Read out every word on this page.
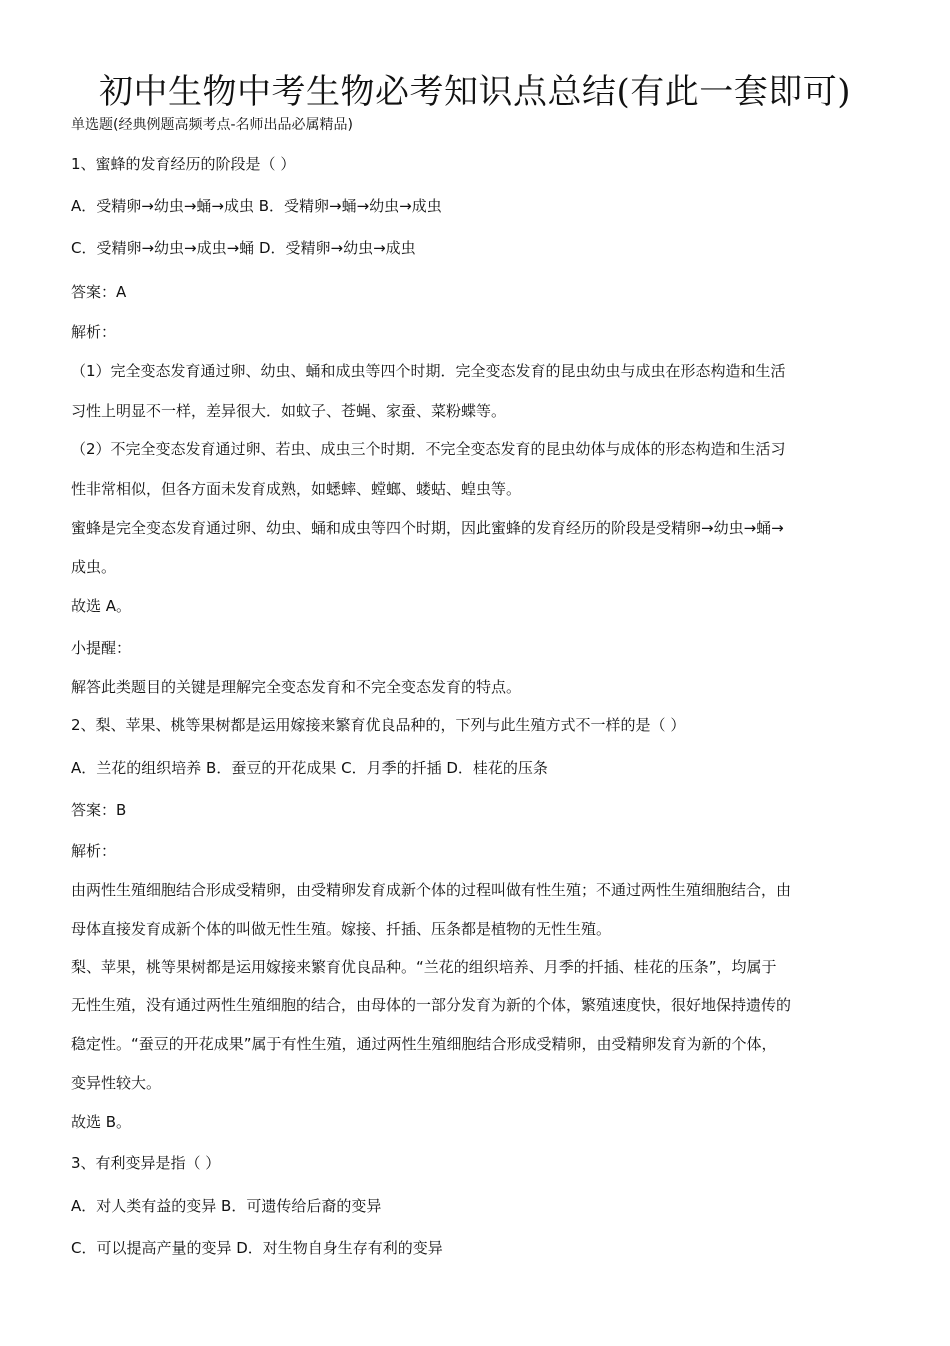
初中生物中考生物必考知识点总结(有此一套即可)
单选题(经典例题高频考点-名师出品必属精品)
1、蜜蜂的发育经历的阶段是（ ）
A．受精卵→幼虫→蛹→成虫 B．受精卵→蛹→幼虫→成虫
C．受精卵→幼虫→成虫→蛹 D．受精卵→幼虫→成虫
答案：A
解析：
（1）完全变态发育通过卵、幼虫、蛹和成虫等四个时期．完全变态发育的昆虫幼虫与成虫在形态构造和生活
习性上明显不一样，差异很大．如蚊子、苍蝇、家蚕、菜粉蝶等。
（2）不完全变态发育通过卵、若虫、成虫三个时期．不完全变态发育的昆虫幼体与成体的形态构造和生活习
性非常相似，但各方面未发育成熟，如蟋蟀、螳螂、蝼蛄、蝗虫等。
蜜蜂是完全变态发育通过卵、幼虫、蛹和成虫等四个时期，因此蜜蜂的发育经历的阶段是受精卵→幼虫→蛹→
成虫。
故选 A。
小提醒：
解答此类题目的关键是理解完全变态发育和不完全变态发育的特点。
2、梨、苹果、桃等果树都是运用嫁接来繁育优良品种的，下列与此生殖方式不一样的是（ ）
A．兰花的组织培养 B．蚕豆的开花成果 C．月季的扦插 D．桂花的压条
答案：B
解析：
由两性生殖细胞结合形成受精卵，由受精卵发育成新个体的过程叫做有性生殖；不通过两性生殖细胞结合，由
母体直接发育成新个体的叫做无性生殖。嫁接、扦插、压条都是植物的无性生殖。
梨、苹果，桃等果树都是运用嫁接来繁育优良品种。“兰花的组织培养、月季的扦插、桂花的压条”，均属于
无性生殖，没有通过两性生殖细胞的结合，由母体的一部分发育为新的个体，繁殖速度快，很好地保持遗传的
稳定性。“蚕豆的开花成果”属于有性生殖，通过两性生殖细胞结合形成受精卵，由受精卵发育为新的个体，
变异性较大。
故选 B。
3、有利变异是指（ ）
A．对人类有益的变异 B．可遗传给后裔的变异
C．可以提高产量的变异 D．对生物自身生存有利的变异
